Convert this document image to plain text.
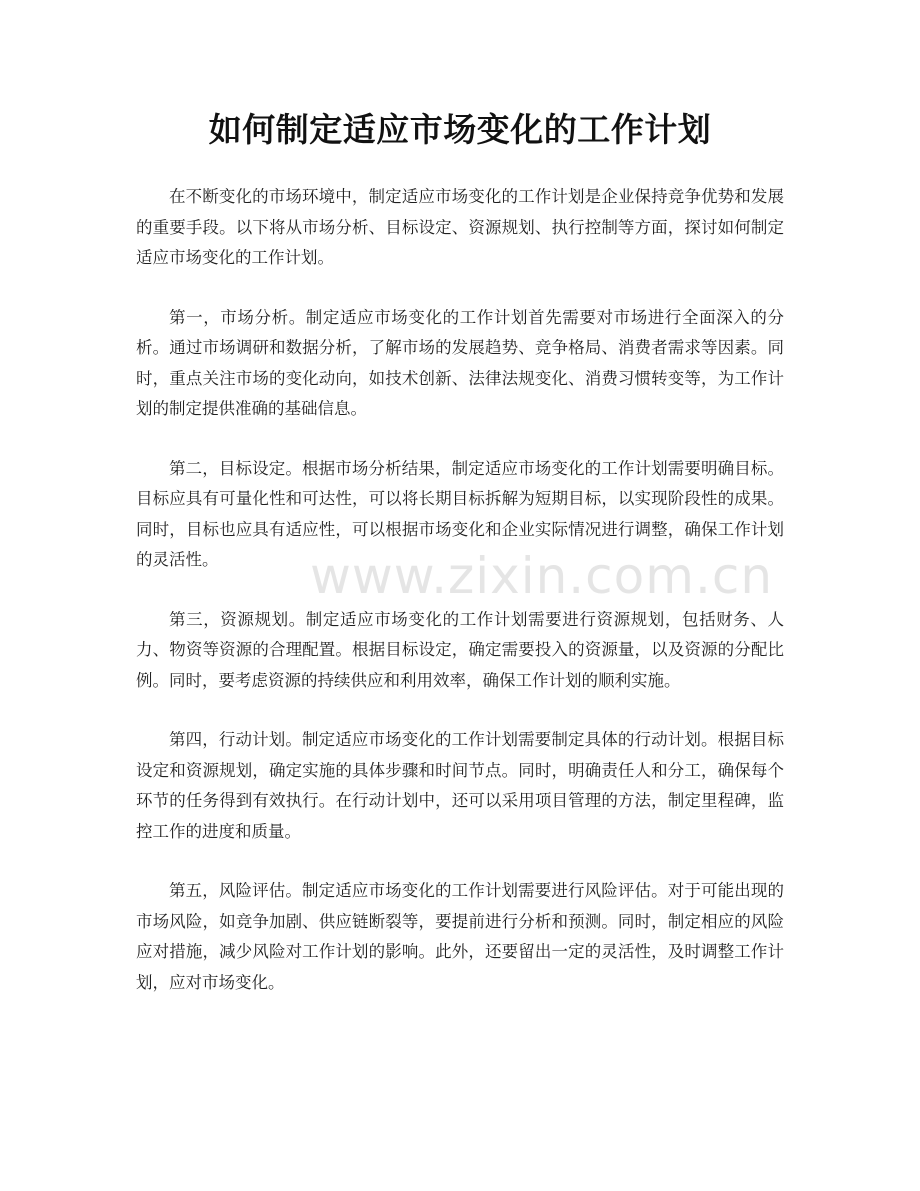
如何制定适应市场变化的工作计划

在不断变化的市场环境中，制定适应市场变化的工作计划是企业保持竞争优势和发展的重要手段。以下将从市场分析、目标设定、资源规划、执行控制等方面，探讨如何制定适应市场变化的工作计划。

第一，市场分析。制定适应市场变化的工作计划首先需要对市场进行全面深入的分析。通过市场调研和数据分析，了解市场的发展趋势、竞争格局、消费者需求等因素。同时，重点关注市场的变化动向，如技术创新、法律法规变化、消费习惯转变等，为工作计划的制定提供准确的基础信息。

第二，目标设定。根据市场分析结果，制定适应市场变化的工作计划需要明确目标。目标应具有可量化性和可达性，可以将长期目标拆解为短期目标，以实现阶段性的成果。同时，目标也应具有适应性，可以根据市场变化和企业实际情况进行调整，确保工作计划的灵活性。

第三，资源规划。制定适应市场变化的工作计划需要进行资源规划，包括财务、人力、物资等资源的合理配置。根据目标设定，确定需要投入的资源量，以及资源的分配比例。同时，要考虑资源的持续供应和利用效率，确保工作计划的顺利实施。

第四，行动计划。制定适应市场变化的工作计划需要制定具体的行动计划。根据目标设定和资源规划，确定实施的具体步骤和时间节点。同时，明确责任人和分工，确保每个环节的任务得到有效执行。在行动计划中，还可以采用项目管理的方法，制定里程碑，监控工作的进度和质量。

第五，风险评估。制定适应市场变化的工作计划需要进行风险评估。对于可能出现的市场风险，如竞争加剧、供应链断裂等，要提前进行分析和预测。同时，制定相应的风险应对措施，减少风险对工作计划的影响。此外，还要留出一定的灵活性，及时调整工作计划，应对市场变化。

www.zixin.com.cn
